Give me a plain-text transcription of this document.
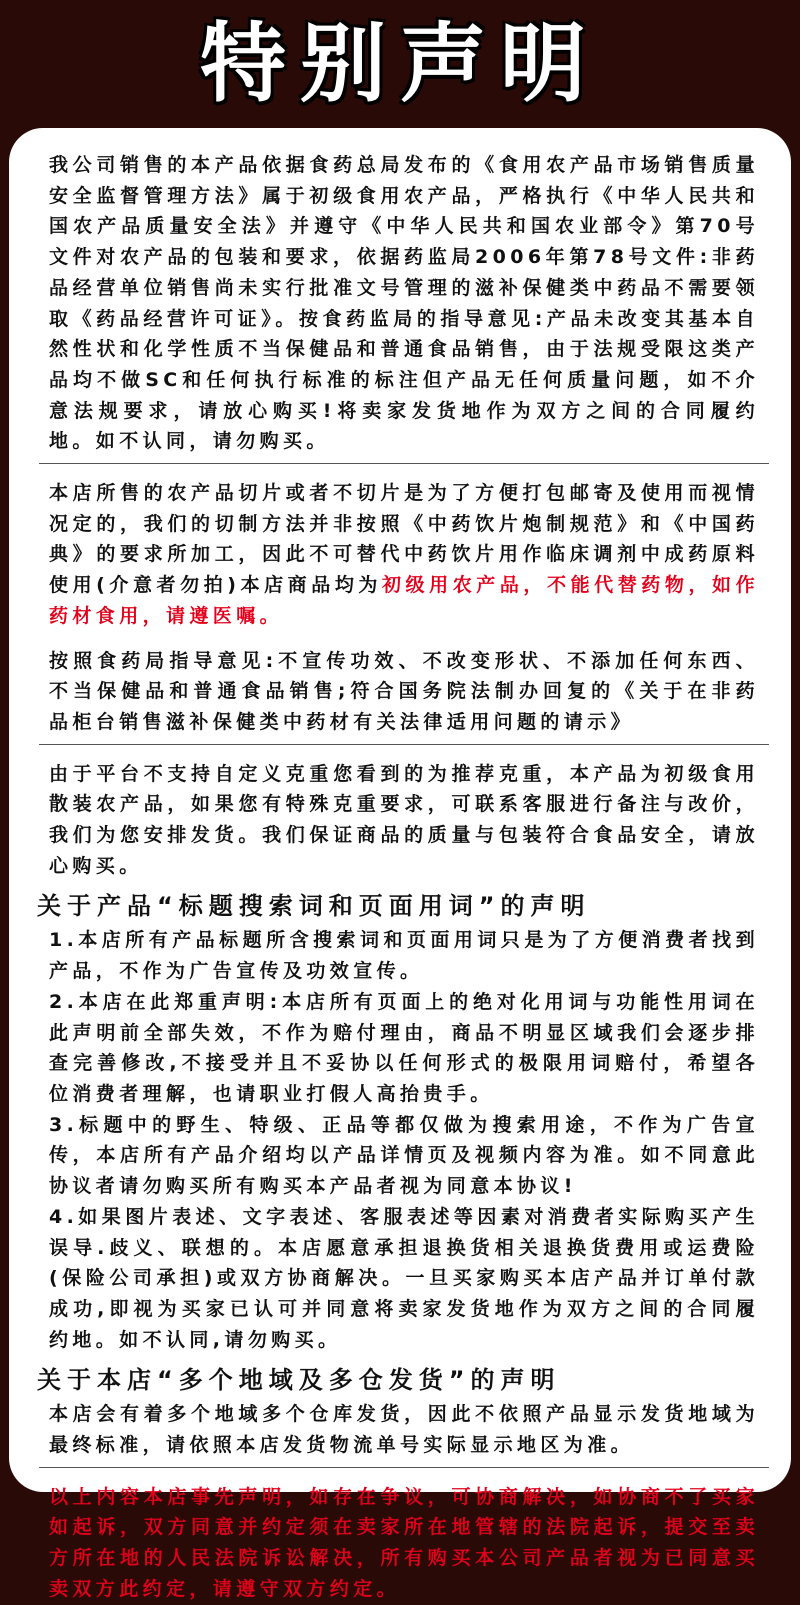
特别声明

我公司销售的本产品依据食药总局发布的《食用农产品市场销售质量安全监督管理方法》属于初级食用农产品，严格执行《中华人民共和国农产品质量安全法》并遵守《中华人民共和国农业部令》第70号文件对农产品的包装和要求，依据药监局2006年第78号文件:非药品经营单位销售尚未实行批准文号管理的滋补保健类中药品不需要领取《药品经营许可证》。按食药监局的指导意见:产品未改变其基本自然性状和化学性质不当保健品和普通食品销售，由于法规受限这类产品均不做SC和任何执行标准的标注但产品无任何质量问题，如不介意法规要求，请放心购买!将卖家发货地作为双方之间的合同履约地。如不认同，请勿购买。

本店所售的农产品切片或者不切片是为了方便打包邮寄及使用而视情况定的，我们的切制方法并非按照《中药饮片炮制规范》和《中国药典》的要求所加工，因此不可替代中药饮片用作临床调剂中成药原料使用(介意者勿拍)本店商品均为初级用农产品，不能代替药物，如作药材食用，请遵医嘱。

按照食药局指导意见:不宣传功效、不改变形状、不添加任何东西、不当保健品和普通食品销售;符合国务院法制办回复的《关于在非药品柜台销售滋补保健类中药材有关法律适用问题的请示》

由于平台不支持自定义克重您看到的为推荐克重，本产品为初级食用散装农产品，如果您有特殊克重要求，可联系客服进行备注与改价，我们为您安排发货。我们保证商品的质量与包装符合食品安全，请放心购买。

关于产品“标题搜索词和页面用词”的声明

1.本店所有产品标题所含搜索词和页面用词只是为了方便消费者找到产品，不作为广告宣传及功效宣传。

2.本店在此郑重声明:本店所有页面上的绝对化用词与功能性用词在此声明前全部失效，不作为赔付理由，商品不明显区域我们会逐步排查完善修改,不接受并且不妥协以任何形式的极限用词赔付，希望各位消费者理解，也请职业打假人高抬贵手。

3.标题中的野生、特级、正品等都仅做为搜索用途，不作为广告宣传，本店所有产品介绍均以产品详情页及视频内容为准。如不同意此协议者请勿购买所有购买本产品者视为同意本协议!

4.如果图片表述、文字表述、客服表述等因素对消费者实际购买产生误导.歧义、联想的。本店愿意承担退换货相关退换货费用或运费险(保险公司承担)或双方协商解决。一旦买家购买本店产品并订单付款成功,即视为买家已认可并同意将卖家发货地作为双方之间的合同履约地。如不认同,请勿购买。

关于本店“多个地域及多仓发货”的声明

本店会有着多个地域多个仓库发货，因此不依照产品显示发货地域为最终标准，请依照本店发货物流单号实际显示地区为准。

以上内容本店事先声明，如存在争议，可协商解决，如协商不了买家如起诉，双方同意并约定须在卖家所在地管辖的法院起诉，提交至卖方所在地的人民法院诉讼解决，所有购买本公司产品者视为已同意买卖双方此约定，请遵守双方约定。
